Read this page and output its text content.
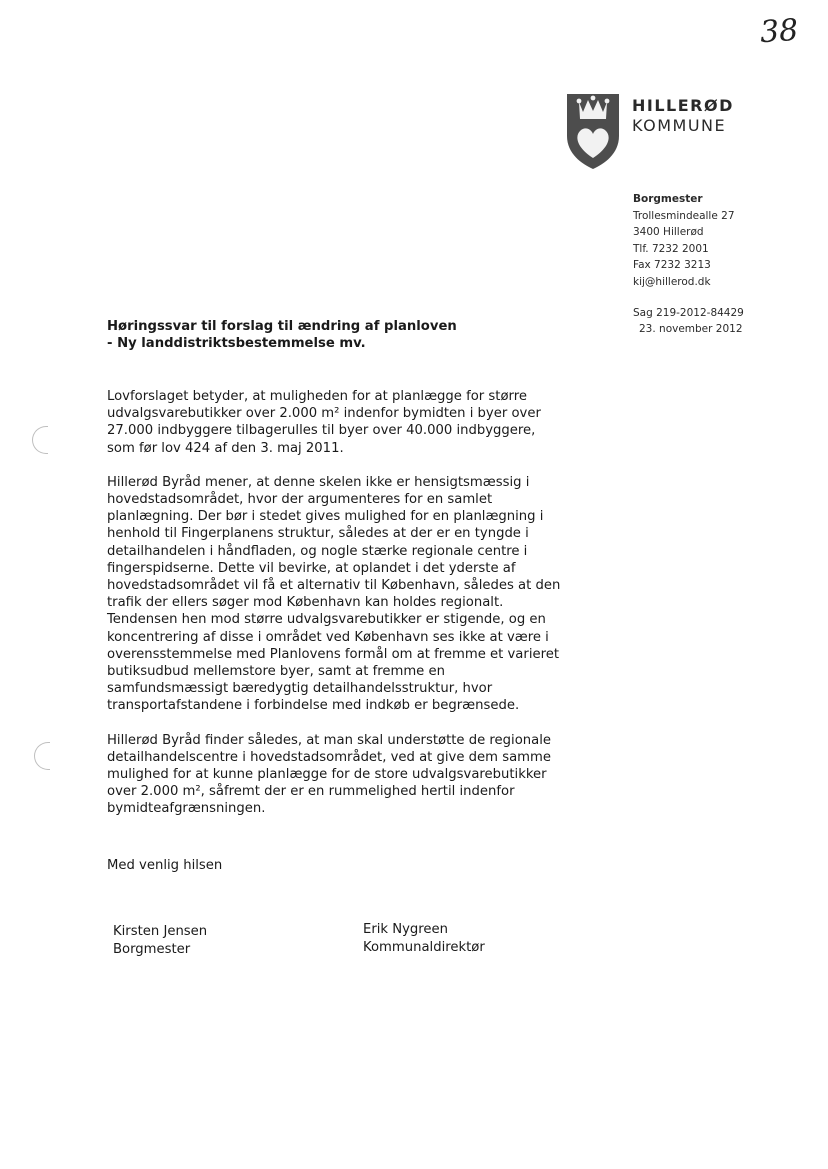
38
HILLERØD
KOMMUNE
Borgmester
Trollesmindealle 27
3400 Hillerød
Tlf. 7232 2001
Fax 7232 3213
kij@hillerod.dk
Sag 219-2012-84429
23. november 2012
Høringssvar til forslag til ændring af planloven
- Ny landdistriktsbestemmelse mv.

Lovforslaget betyder, at muligheden for at planlægge for større
udvalgsvarebutikker over 2.000 m² indenfor bymidten i byer over
27.000 indbyggere tilbagerulles til byer over 40.000 indbyggere,
som før lov 424 af den 3. maj 2011.

Hillerød Byråd mener, at denne skelen ikke er hensigtsmæssig i
hovedstadsområdet, hvor der argumenteres for en samlet
planlægning. Der bør i stedet gives mulighed for en planlægning i
henhold til Fingerplanens struktur, således at der er en tyngde i
detailhandelen i håndfladen, og nogle stærke regionale centre i
fingerspidserne. Dette vil bevirke, at oplandet i det yderste af
hovedstadsområdet vil få et alternativ til København, således at den
trafik der ellers søger mod København kan holdes regionalt.
Tendensen hen mod større udvalgsvarebutikker er stigende, og en
koncentrering af disse i området ved København ses ikke at være i
overensstemmelse med Planlovens formål om at fremme et varieret
butiksudbud mellemstore byer, samt at fremme en
samfundsmæssigt bæredygtig detailhandelsstruktur, hvor
transportafstandene i forbindelse med indkøb er begrænsede.

Hillerød Byråd finder således, at man skal understøtte de regionale
detailhandelscentre i hovedstadsområdet, ved at give dem samme
mulighed for at kunne planlægge for de store udvalgsvarebutikker
over 2.000 m², såfremt der er en rummelighed hertil indenfor
bymidteafgrænsningen.

Med venlig hilsen
Kirsten Jensen
Borgmester
Erik Nygreen
Kommunaldirektør
